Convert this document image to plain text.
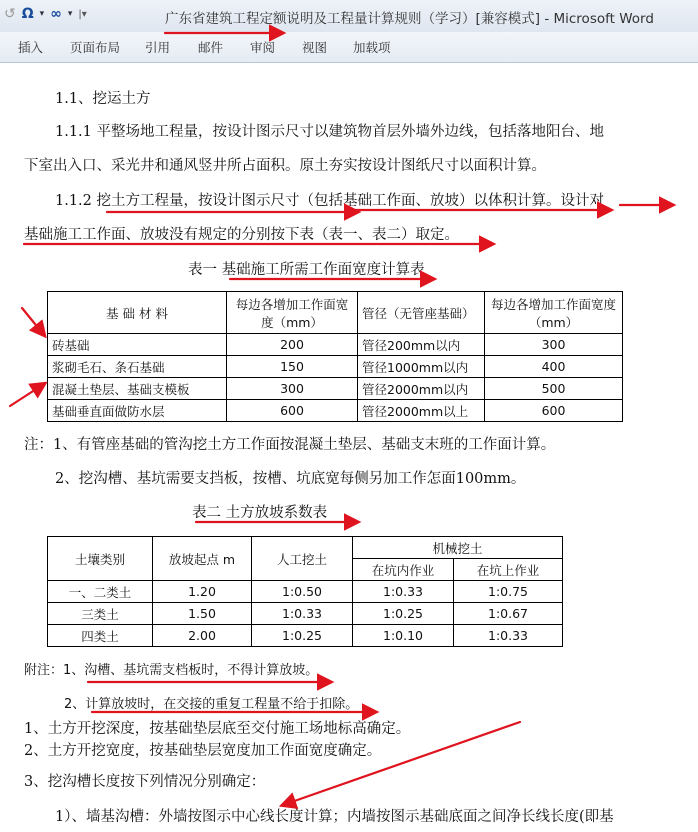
↺ Ω ▾ ∞ ▾ |▾	广东省建筑工程定额说明及工程量计算规则（学习）[兼容模式] - Microsoft Word
插入 页面布局 引用 邮件 审阅 视图 加载项
1.1、挖运土方
1.1.1 平整场地工程量，按设计图示尺寸以建筑物首层外墙外边线，包括落地阳台、地
下室出入口、采光井和通风竖井所占面积。原土夯实按设计图纸尺寸以面积计算。
1.1.2 挖土方工程量，按设计图示尺寸（包括基础工作面、放坡）以体积计算。设计对
基础施工工作面、放坡没有规定的分别按下表（表一、表二）取定。
表一 基础施工所需工作面宽度计算表
基 础 材 料	每边各增加工作面宽度（mm）	管径（无管座基础）	每边各增加工作面宽度（mm）
砖基础	200	管径200mm以内	300
浆砌毛石、条石基础	150	管径1000mm以内	400
混凝土垫层、基础支模板	300	管径2000mm以内	500
基础垂直面做防水层	600	管径2000mm以上	600
注：1、有管座基础的管沟挖土方工作面按混凝土垫层、基础支末班的工作面计算。
2、挖沟槽、基坑需要支挡板，按槽、坑底宽每侧另加工作怎面100mm。
表二 土方放坡系数表
土壤类别	放坡起点 m	人工挖土	机械挖土	
			在坑内作业	在坑上作业
一、二类土	1.20	1:0.50	1:0.33	1:0.75
三类土	1.50	1:0.33	1:0.25	1:0.67
四类土	2.00	1:0.25	1:0.10	1:0.33
附注：1、沟槽、基坑需支档板时，不得计算放坡。
2、计算放坡时，在交接的重复工程量不给于扣除。
1、土方开挖深度，按基础垫层底至交付施工场地标高确定。
2、土方开挖宽度，按基础垫层宽度加工作面宽度确定。
3、挖沟槽长度按下列情况分别确定：
1）、墙基沟槽：外墙按图示中心线长度计算；内墙按图示基础底面之间净长线长度(即基
